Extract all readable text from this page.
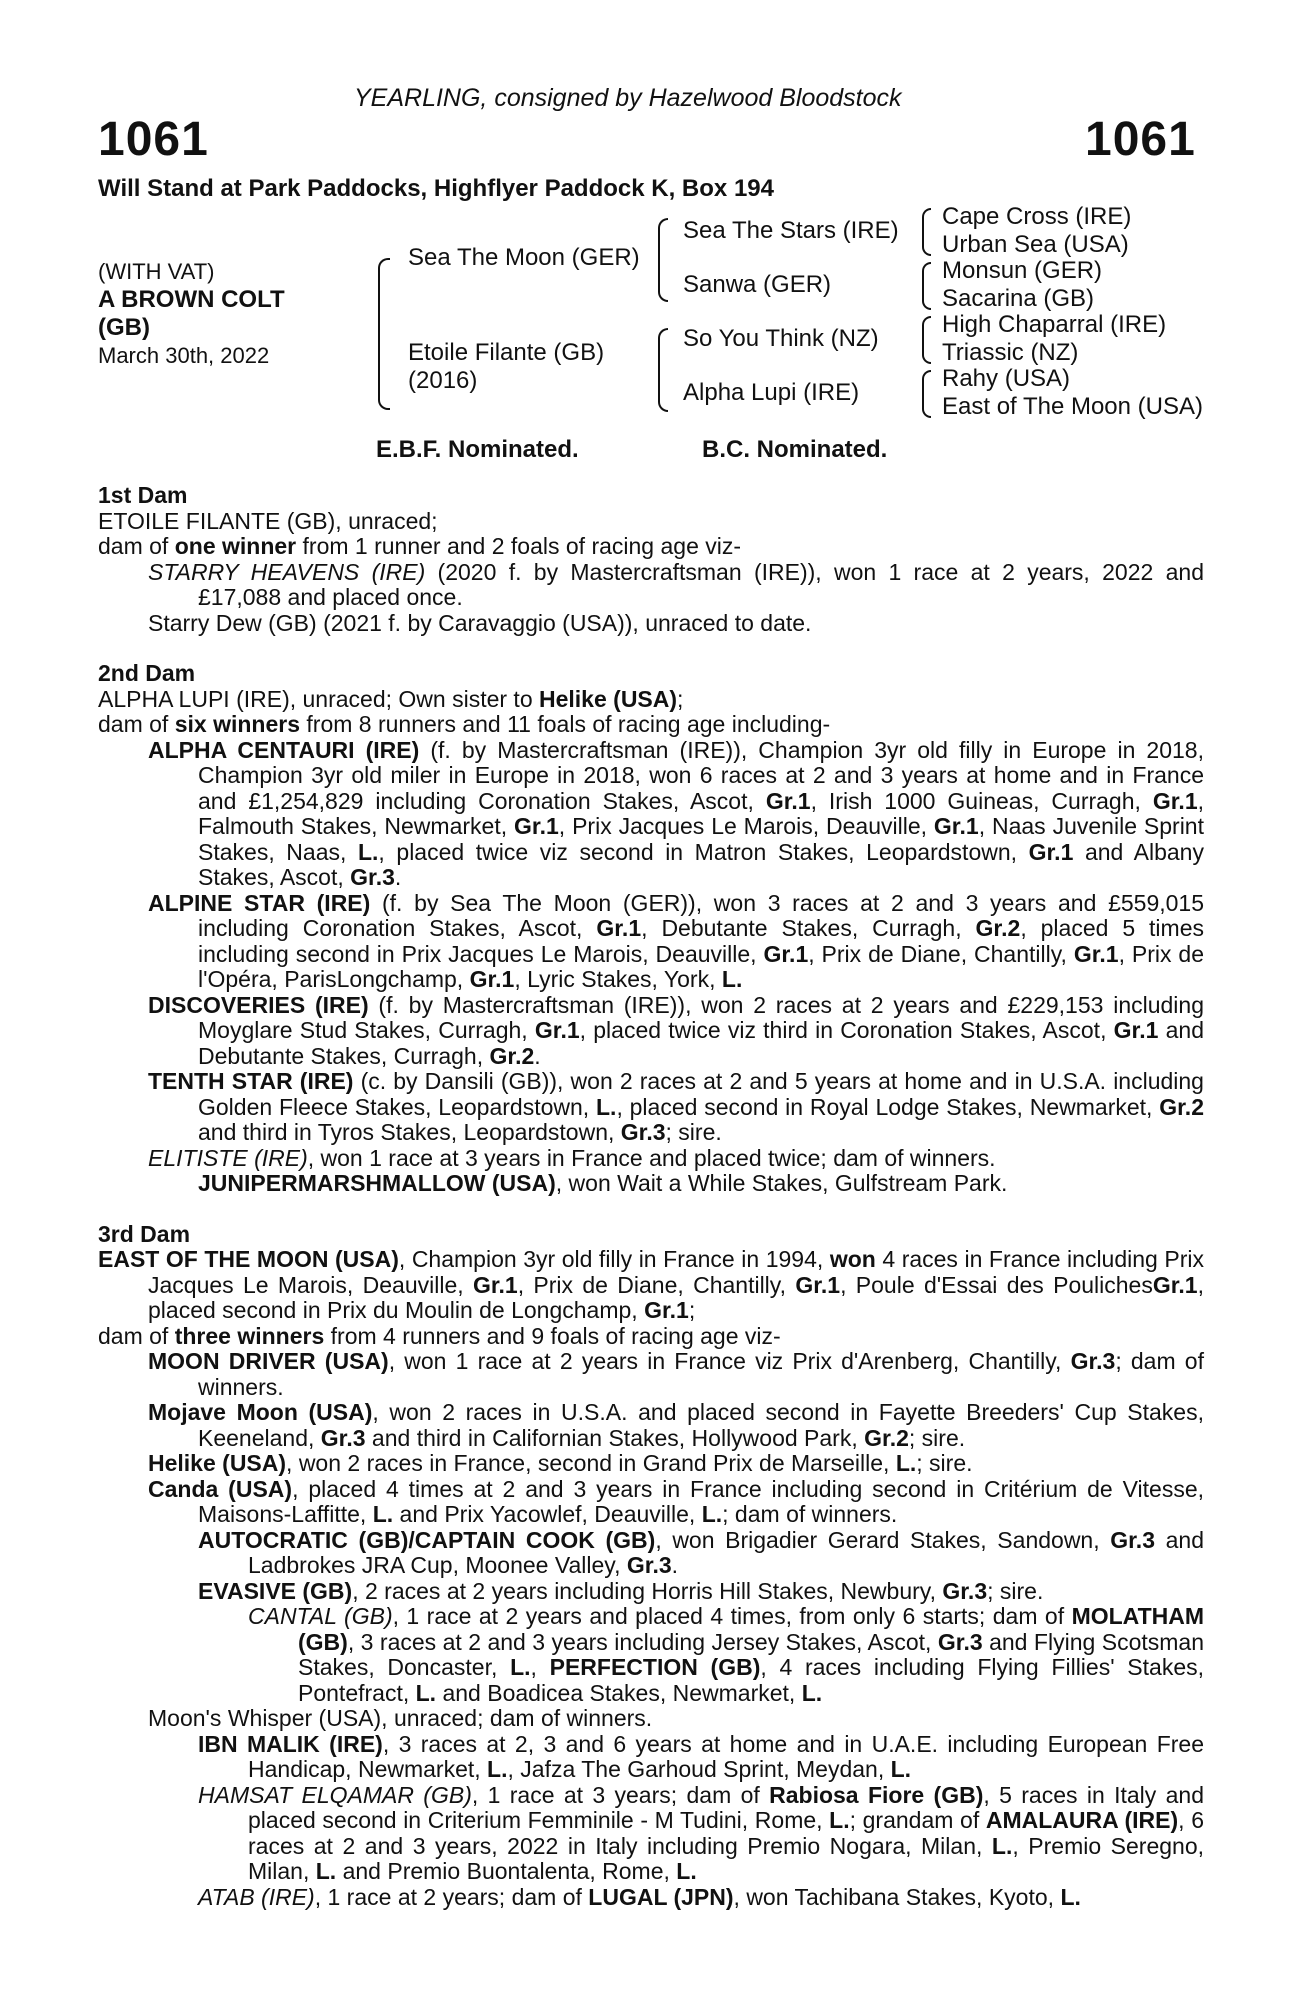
YEARLING, consigned by Hazelwood Bloodstock
1061	1061
Will Stand at Park Paddocks, Highflyer Paddock K, Box 194
(WITH VAT)
A BROWN COLT
(GB)
March 30th, 2022
Sea The Moon (GER)
Etoile Filante (GB)
(2016)
Sea The Stars (IRE)
Sanwa (GER)
So You Think (NZ)
Alpha Lupi (IRE)
Cape Cross (IRE)
Urban Sea (USA)
Monsun (GER)
Sacarina (GB)
High Chaparral (IRE)
Triassic (NZ)
Rahy (USA)
East of The Moon (USA)
E.B.F. Nominated.	B.C. Nominated.
1st Dam

ETOILE FILANTE (GB), unraced;

dam of one winner from 1 runner and 2 foals of racing age viz-

STARRY HEAVENS (IRE) (2020 f. by Mastercraftsman (IRE)), won 1 race at 2 years, 2022 and £17,088 and placed once.

Starry Dew (GB) (2021 f. by Caravaggio (USA)), unraced to date.

2nd Dam

ALPHA LUPI (IRE), unraced; Own sister to Helike (USA);

dam of six winners from 8 runners and 11 foals of racing age including-

ALPHA CENTAURI (IRE) (f. by Mastercraftsman (IRE)), Champion 3yr old filly in Europe in 2018, Champion 3yr old miler in Europe in 2018, won 6 races at 2 and 3 years at home and in France and £1,254,829 including Coronation Stakes, Ascot, Gr.1, Irish 1000 Guineas, Curragh, Gr.1, Falmouth Stakes, Newmarket, Gr.1, Prix Jacques Le Marois, Deauville, Gr.1, Naas Juvenile Sprint Stakes, Naas, L., placed twice viz second in Matron Stakes, Leopardstown, Gr.1 and Albany Stakes, Ascot, Gr.3.

ALPINE STAR (IRE) (f. by Sea The Moon (GER)), won 3 races at 2 and 3 years and £559,015 including Coronation Stakes, Ascot, Gr.1, Debutante Stakes, Curragh, Gr.2, placed 5 times including second in Prix Jacques Le Marois, Deauville, Gr.1, Prix de Diane, Chantilly, Gr.1, Prix de l'Opéra, ParisLongchamp, Gr.1, Lyric Stakes, York, L.

DISCOVERIES (IRE) (f. by Mastercraftsman (IRE)), won 2 races at 2 years and £229,153 including Moyglare Stud Stakes, Curragh, Gr.1, placed twice viz third in Coronation Stakes, Ascot, Gr.1 and Debutante Stakes, Curragh, Gr.2.

TENTH STAR (IRE) (c. by Dansili (GB)), won 2 races at 2 and 5 years at home and in U.S.A. including Golden Fleece Stakes, Leopardstown, L., placed second in Royal Lodge Stakes, Newmarket, Gr.2 and third in Tyros Stakes, Leopardstown, Gr.3; sire.

ELITISTE (IRE), won 1 race at 3 years in France and placed twice; dam of winners.

JUNIPERMARSHMALLOW (USA), won Wait a While Stakes, Gulfstream Park.

3rd Dam

EAST OF THE MOON (USA), Champion 3yr old filly in France in 1994, won 4 races in France including Prix Jacques Le Marois, Deauville, Gr.1, Prix de Diane, Chantilly, Gr.1, Poule d'Essai des PoulichesGr.1, placed second in Prix du Moulin de Longchamp, Gr.1;

dam of three winners from 4 runners and 9 foals of racing age viz-

MOON DRIVER (USA), won 1 race at 2 years in France viz Prix d'Arenberg, Chantilly, Gr.3; dam of winners.

Mojave Moon (USA), won 2 races in U.S.A. and placed second in Fayette Breeders' Cup Stakes, Keeneland, Gr.3 and third in Californian Stakes, Hollywood Park, Gr.2; sire.

Helike (USA), won 2 races in France, second in Grand Prix de Marseille, L.; sire.

Canda (USA), placed 4 times at 2 and 3 years in France including second in Critérium de Vitesse, Maisons-Laffitte, L. and Prix Yacowlef, Deauville, L.; dam of winners.

AUTOCRATIC (GB)/CAPTAIN COOK (GB), won Brigadier Gerard Stakes, Sandown, Gr.3 and Ladbrokes JRA Cup, Moonee Valley, Gr.3.

EVASIVE (GB), 2 races at 2 years including Horris Hill Stakes, Newbury, Gr.3; sire.

CANTAL (GB), 1 race at 2 years and placed 4 times, from only 6 starts; dam of MOLATHAM (GB), 3 races at 2 and 3 years including Jersey Stakes, Ascot, Gr.3 and Flying Scotsman Stakes, Doncaster, L., PERFECTION (GB), 4 races including Flying Fillies' Stakes, Pontefract, L. and Boadicea Stakes, Newmarket, L.

Moon's Whisper (USA), unraced; dam of winners.

IBN MALIK (IRE), 3 races at 2, 3 and 6 years at home and in U.A.E. including European Free Handicap, Newmarket, L., Jafza The Garhoud Sprint, Meydan, L.

HAMSAT ELQAMAR (GB), 1 race at 3 years; dam of Rabiosa Fiore (GB), 5 races in Italy and placed second in Criterium Femminile - M Tudini, Rome, L.; grandam of AMALAURA (IRE), 6 races at 2 and 3 years, 2022 in Italy including Premio Nogara, Milan, L., Premio Seregno, Milan, L. and Premio Buontalenta, Rome, L.

ATAB (IRE), 1 race at 2 years; dam of LUGAL (JPN), won Tachibana Stakes, Kyoto, L.
